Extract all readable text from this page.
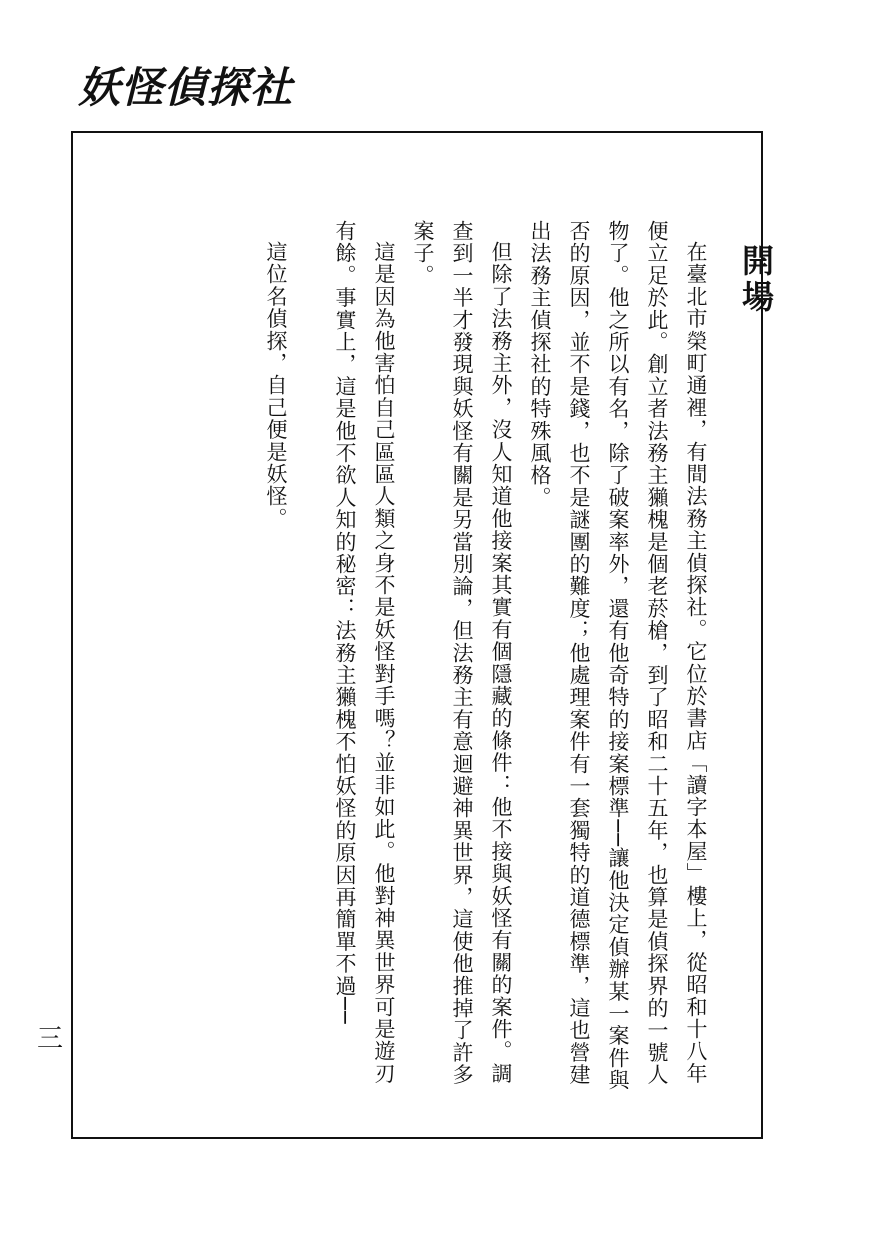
妖怪偵探社
開場

在臺北市榮町通裡，有間法務主偵探社。它位於書店「讀字本屋」樓上，從昭和十八年便立足於此。創立者法務主獺槐是個老菸槍，到了昭和二十五年，也算是偵探界的一號人物了。他之所以有名，除了破案率外，還有他奇特的接案標準──讓他決定偵辦某一案件與否的原因，並不是錢，也不是謎團的難度；他處理案件有一套獨特的道德標準，這也營建出法務主偵探社的特殊風格。

但除了法務主外，沒人知道他接案其實有個隱藏的條件：他不接與妖怪有關的案件。調查到一半才發現與妖怪有關是另當別論，但法務主有意迴避神異世界，這使他推掉了許多案子。

這是因為他害怕自己區區人類之身不是妖怪對手嗎？並非如此。他對神異世界可是遊刃有餘。事實上，這是他不欲人知的秘密：法務主獺槐不怕妖怪的原因再簡單不過──

這位名偵探，自己便是妖怪。

三
